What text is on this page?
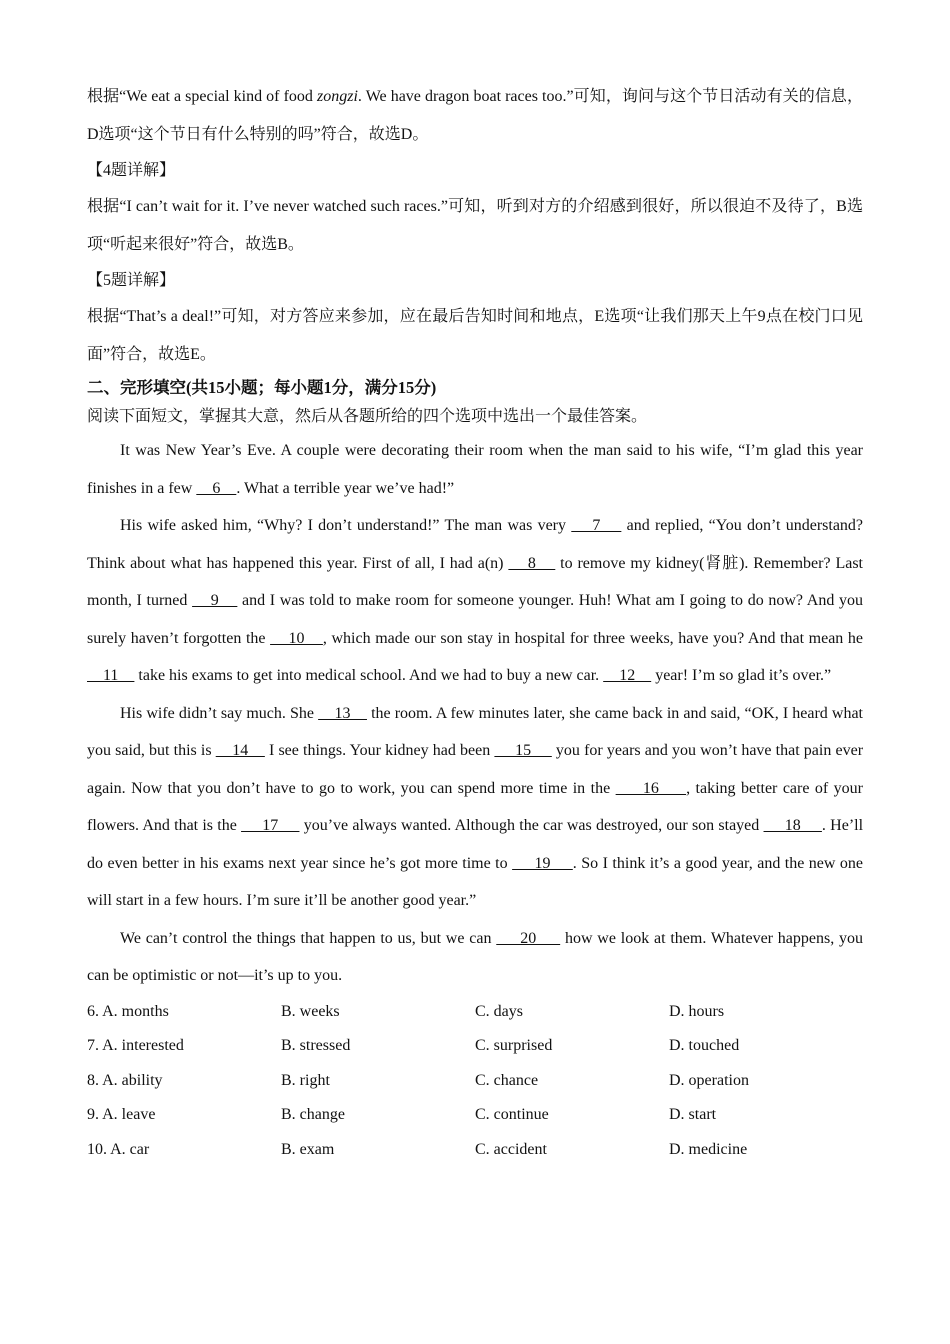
根据“We eat a special kind of food zongzi. We have dragon boat races too.”可知，询问与这个节日活动有关的信息，D选项“这个节日有什么特别的吗”符合，故选D。

【4题详解】

根据“I can’t wait for it. I’ve never watched such races.”可知，听到对方的介绍感到很好，所以很迫不及待了，B选项“听起来很好”符合，故选B。

【5题详解】

根据“That’s a deal!”可知，对方答应来参加，应在最后告知时间和地点，E选项“让我们那天上午9点在校门口见面”符合，故选E。

二、完形填空(共15小题；每小题1分，满分15分)

阅读下面短文，掌握其大意，然后从各题所给的四个选项中选出一个最佳答案。

It was New Year’s Eve. A couple were decorating their room when the man said to his wife, “I’m glad this year finishes in a few     6    . What a terrible year we’ve had!”

His wife asked him, “Why? I don’t understand!” The man was very     7     and replied, “You don’t understand? Think about what has happened this year. First of all, I had a(n)     8     to remove my kidney(肾脏). Remember? Last month, I turned     9     and I was told to make room for someone younger. Huh! What am I going to do now? And you surely haven’t forgotten the     10    , which made our son stay in hospital for three weeks, have you? And that mean he     11     take his exams to get into medical school. And we had to buy a new car.     12     year! I’m so glad it’s over.”

His wife didn’t say much. She     13     the room. A few minutes later, she came back in and said, “OK, I heard what you said, but this is     14     I see things. Your kidney had been      15      you for years and you won’t have that pain ever again. Now that you don’t have to go to work, you can spend more time in the      16     , taking better care of your flowers. And that is the      17      you’ve always wanted. Although the car was destroyed, our son stayed      18     . He’ll do even better in his exams next year since he’s got more time to      19     . So I think it’s a good year, and the new one will start in a few hours. I’m sure it’ll be another good year.”

We can’t control the things that happen to us, but we can      20      how we look at them. Whatever happens, you can be optimistic or not—it’s up to you.

6. A. months	B. weeks	C. days	D. hours
7. A. interested	B. stressed	C. surprised	D. touched
8. A. ability	B. right	C. chance	D. operation
9. A. leave	B. change	C. continue	D. start
10. A. car	B. exam	C. accident	D. medicine
